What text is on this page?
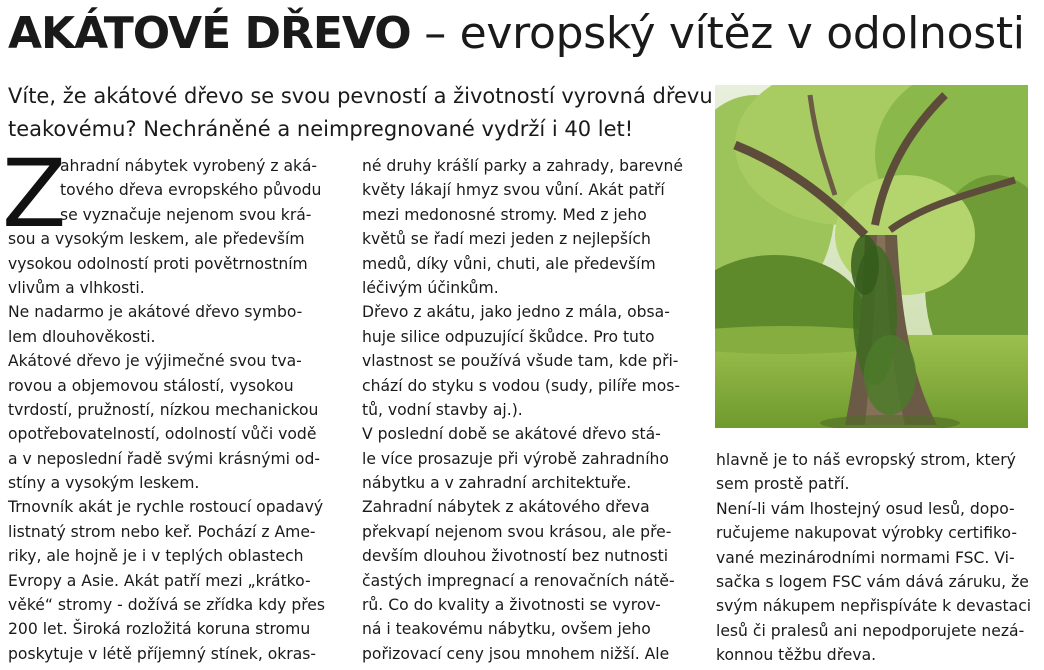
AKÁTOVÉ DŘEVO – evropský vítěz v odolnosti
Víte, že akátové dřevo se svou pevností a životností vyrovná dřevu
teakovému? Nechráněné a neimpregnované vydrží i 40 let!
Z
ahradní nábytek vyrobený z aká-
tového dřeva evropského původu
se vyznačuje nejenom svou krá-
sou a vysokým leskem, ale především
vysokou odolností proti povětrnostním
vlivům a vlhkosti.
Ne nadarmo je akátové dřevo symbo-
lem dlouhověkosti.
Akátové dřevo je výjimečné svou tva-
rovou a objemovou stálostí, vysokou
tvrdostí, pružností, nízkou mechanickou
opotřebovatelností, odolností vůči vodě
a v neposlední řadě svými krásnými od-
stíny a vysokým leskem.
Trnovník akát je rychle rostoucí opadavý
listnatý strom nebo keř. Pochází z Ame-
riky, ale hojně je i v teplých oblastech
Evropy a Asie. Akát patří mezi „krátko-
věké“ stromy - dožívá se zřídka kdy přes
200 let. Široká rozložitá koruna stromu
poskytuje v létě příjemný stínek, okras-
né druhy krášlí parky a zahrady, barevné
květy lákají hmyz svou vůní. Akát patří
mezi medonosné stromy. Med z jeho
květů se řadí mezi jeden z nejlepších
medů, díky vůni, chuti, ale především
léčivým účinkům.
Dřevo z akátu, jako jedno z mála, obsa-
huje silice odpuzující škůdce. Pro tuto
vlastnost se používá všude tam, kde při-
chází do styku s vodou (sudy, pilíře mos-
tů, vodní stavby aj.).
V poslední době se akátové dřevo stá-
le více prosazuje při výrobě zahradního
nábytku a v zahradní architektuře.
Zahradní nábytek z akátového dřeva
překvapí nejenom svou krásou, ale pře-
devším dlouhou životností bez nutnosti
častých impregnací a renovačních nátě-
rů. Co do kvality a životnosti se vyrov-
ná i teakovému nábytku, ovšem jeho
pořizovací ceny jsou mnohem nižší. Ale
hlavně je to náš evropský strom, který
sem prostě patří.
Není-li vám lhostejný osud lesů, dopo-
ručujeme nakupovat výrobky certifiko-
vané mezinárodními normami FSC. Vi-
sačka s logem FSC vám dává záruku, že
svým nákupem nepřispíváte k devastaci
lesů či pralesů ani nepodporujete nezá-
konnou těžbu dřeva.
